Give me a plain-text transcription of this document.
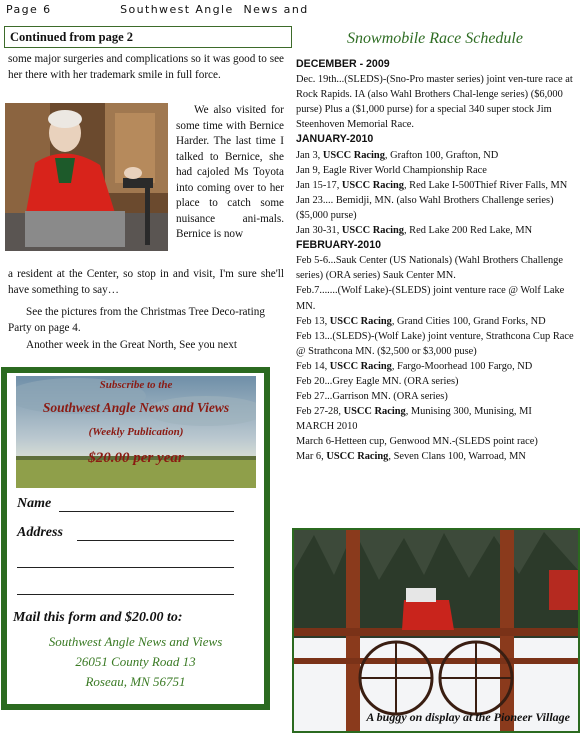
Page 6	Southwest Angle  News and
Continued from page 2
some major surgeries and complications so it was good to see her there with her trademark smile in full force.
We also visited for some time with Bernice Harder. The last time I talked to Bernice, she had cajoled Ms Toyota into coming over to her place to catch some nuisance ani-mals. Bernice is now
a resident at the Center, so stop in and visit, I'm sure she'll have something to say…
See the pictures from the Christmas Tree Deco-rating Party on page 4.
Another week in the Great North, See you next
Subscribe to the
Southwest Angle News and Views
(Weekly Publication)
$20.00 per year
Name
Address
Mail this form and $20.00 to:
Southwest Angle News and Views
26051 County Road 13
Roseau, MN 56751
Snowmobile Race Schedule
DECEMBER - 2009
Dec. 19th...(SLEDS)-(Sno-Pro master series) joint ven-ture race at Rock Rapids. IA (also Wahl Brothers Chal-lenge series) ($6,000 purse) Plus a ($1,000 purse) for a special 340 super stock Jim Steenhoven Memorial Race.
JANUARY-2010
Jan 3, USCC Racing, Grafton 100, Grafton, ND
Jan 9, Eagle River World Championship Race
Jan 15-17, USCC Racing, Red Lake I-500Thief River Falls, MN
Jan 23.... Bemidji, MN. (also Wahl Brothers Challenge series) ($5,000 purse)
Jan 30-31, USCC Racing, Red Lake 200 Red Lake, MN
FEBRUARY-2010
Feb 5-6...Sauk Center (US Nationals) (Wahl Brothers Challenge series) (ORA series) Sauk Center MN.
Feb.7.......(Wolf Lake)-(SLEDS) joint venture race @ Wolf Lake MN.
Feb 13, USCC Racing, Grand Cities 100, Grand Forks, ND
Feb 13...(SLEDS)-(Wolf Lake) joint venture, Strathcona Cup Race @ Strathcona MN. ($2,500 or $3,000 puse)
Feb 14, USCC Racing, Fargo-Moorhead 100 Fargo, ND
Feb 20...Grey Eagle MN. (ORA series)
Feb 27...Garrison MN. (ORA series)
Feb 27-28, USCC Racing, Munising 300, Munising, MI
MARCH 2010
March 6-Hetteen cup, Genwood MN.-(SLEDS point race)
Mar 6, USCC Racing, Seven Clans 100, Warroad, MN
A buggy on display at the Pioneer Village
